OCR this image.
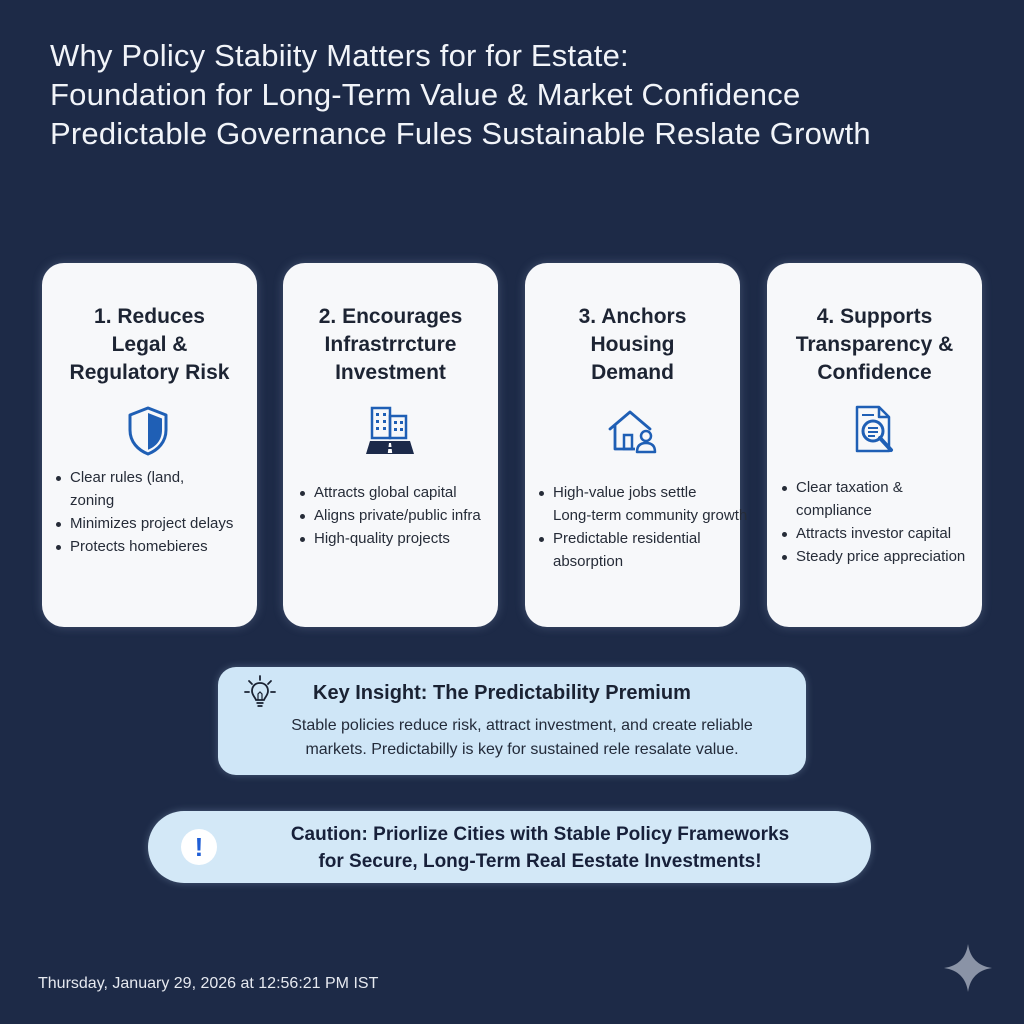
Why Policy Stabiity Matters for for Estate:
Foundation for Long-Term Value & Market Confidence
Predictable Governance Fules Sustainable Reslate Growth
1. Reduces
Legal &
Regulatory Risk
Clear rules (land,
zoning
Minimizes project delays
Protects homebieres
2. Encourages
Infrastrrcture
Investment
Attracts global capital
Aligns private/public infra
High-quality projects
3. Anchors
Housing
Demand
High-value jobs settle
Long-term community growth
Predictable residential
absorption
4. Supports
Transparency &
Confidence
Clear taxation &
compliance
Attracts investor capital
Steady price appreciation
Key Insight: The Predictability Premium
Stable policies reduce risk, attract investment, and create reliable markets. Predictabilly is key for sustained rele resalate value.
!	Caution: Priorlize Cities with Stable Policy Frameworks
for Secure, Long-Term Real Eestate Investments!
Thursday, January 29, 2026 at 12:56:21 PM IST
